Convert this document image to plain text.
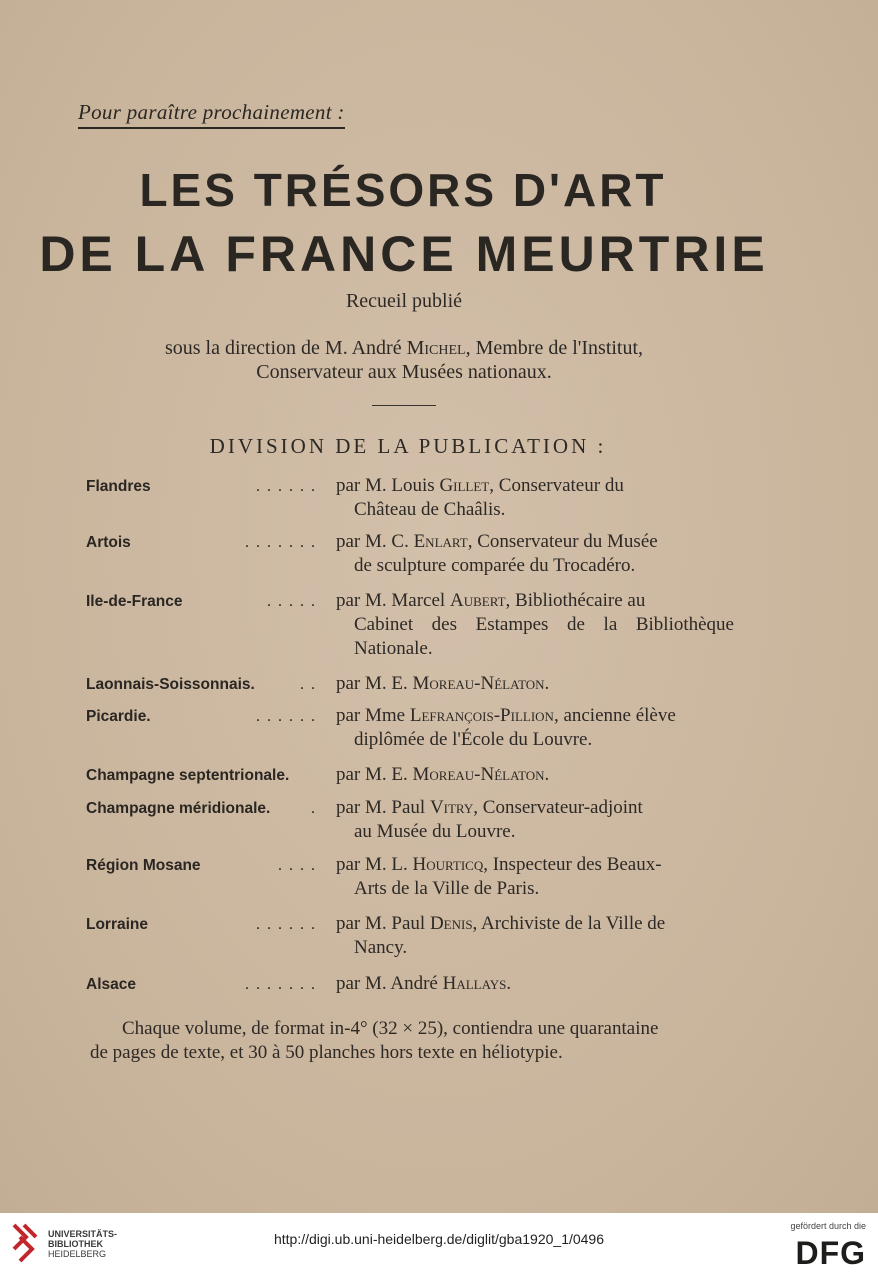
Pour paraître prochainement :
LES TRÉSORS D'ART
DE LA FRANCE MEURTRIE
Recueil publié
sous la direction de M. André Michel, Membre de l'Institut,
Conservateur aux Musées nationaux.
DIVISION DE LA PUBLICATION :
Flandres	...... par M. Louis Gillet, Conservateur du
Château de Chaâlis.
Artois	....... par M. C. Enlart, Conservateur du Musée
de sculpture comparée du Trocadéro.
Ile-de-France	..... par M. Marcel Aubert, Bibliothécaire au
Cabinet des Estampes de la Bibliothèque Nationale.
Laonnais-Soissonnais.	.. par M. E. Moreau-Nélaton.
Picardie.	...... par Mme Lefrançois-Pillion, ancienne élève
diplômée de l'École du Louvre.
Champagne septentrionale.	par M. E. Moreau-Nélaton.
Champagne méridionale.	. par M. Paul Vitry, Conservateur-adjoint
au Musée du Louvre.
Région Mosane	.... par M. L. Hourticq, Inspecteur des Beaux-
Arts de la Ville de Paris.
Lorraine	...... par M. Paul Denis, Archiviste de la Ville de
Nancy.
Alsace	....... par M. André Hallays.
Chaque volume, de format in-4° (32 × 25), contiendra une quarantaine
de pages de texte, et 30 à 50 planches hors texte en héliotypie.
UNIVERSITÄTS-
BIBLIOTHEK
HEIDELBERG
http://digi.ub.uni-heidelberg.de/diglit/gba1920_1/0496
gefördert durch die
DFG
